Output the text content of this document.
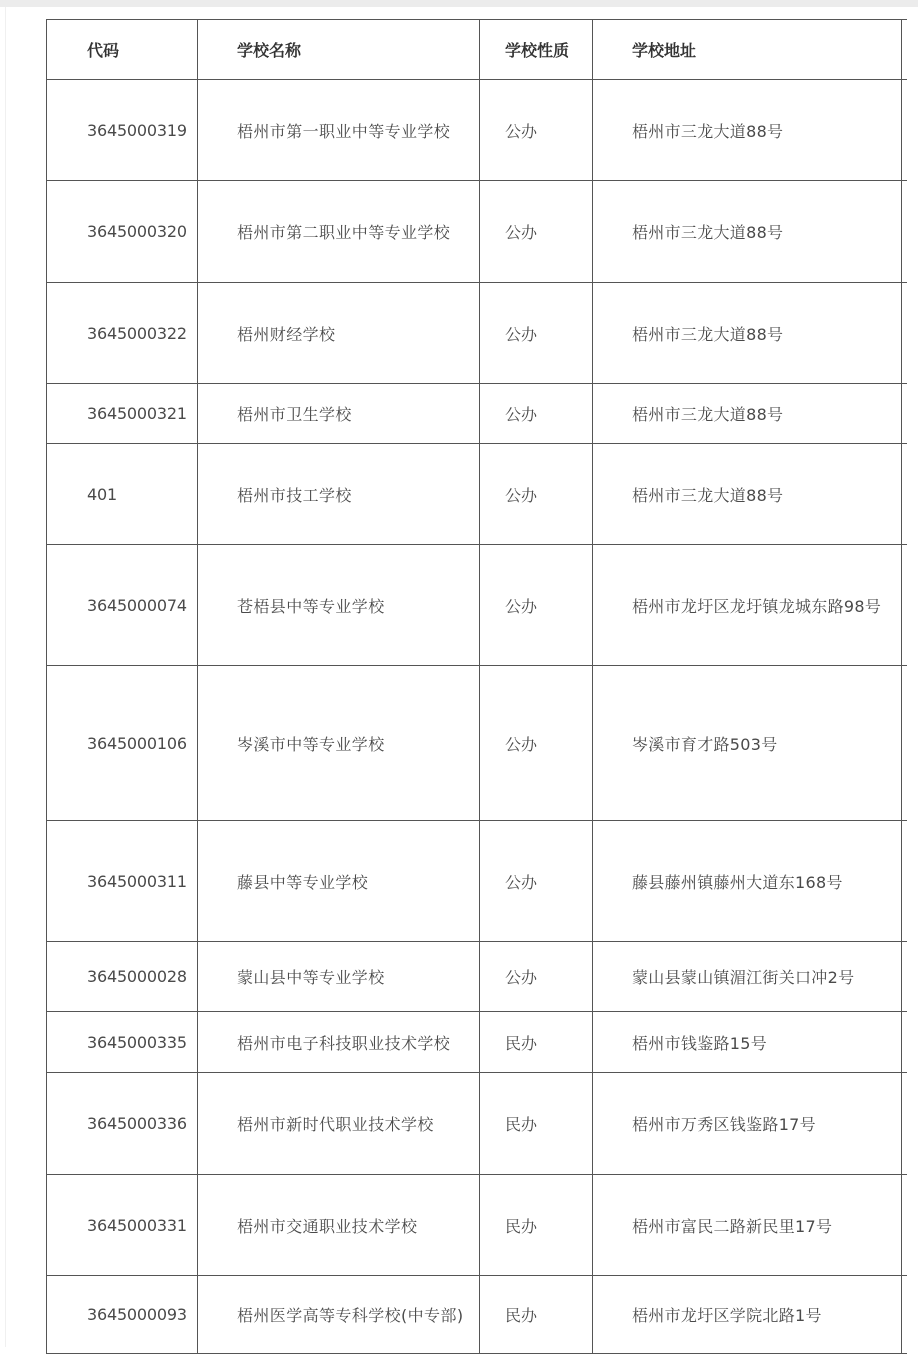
代码	学校名称	学校性质	学校地址	
3645000319	梧州市第一职业中等专业学校	公办	梧州市三龙大道88号	
3645000320	梧州市第二职业中等专业学校	公办	梧州市三龙大道88号	
3645000322	梧州财经学校	公办	梧州市三龙大道88号	
3645000321	梧州市卫生学校	公办	梧州市三龙大道88号	
401	梧州市技工学校	公办	梧州市三龙大道88号	
3645000074	苍梧县中等专业学校	公办	梧州市龙圩区龙圩镇龙城东路98号	
3645000106	岑溪市中等专业学校	公办	岑溪市育才路503号	
3645000311	藤县中等专业学校	公办	藤县藤州镇藤州大道东168号	
3645000028	蒙山县中等专业学校	公办	蒙山县蒙山镇湄江街关口冲2号	
3645000335	梧州市电子科技职业技术学校	民办	梧州市钱鉴路15号	
3645000336	梧州市新时代职业技术学校	民办	梧州市万秀区钱鉴路17号	
3645000331	梧州市交通职业技术学校	民办	梧州市富民二路新民里17号	
3645000093	梧州医学高等专科学校(中专部)	民办	梧州市龙圩区学院北路1号	
